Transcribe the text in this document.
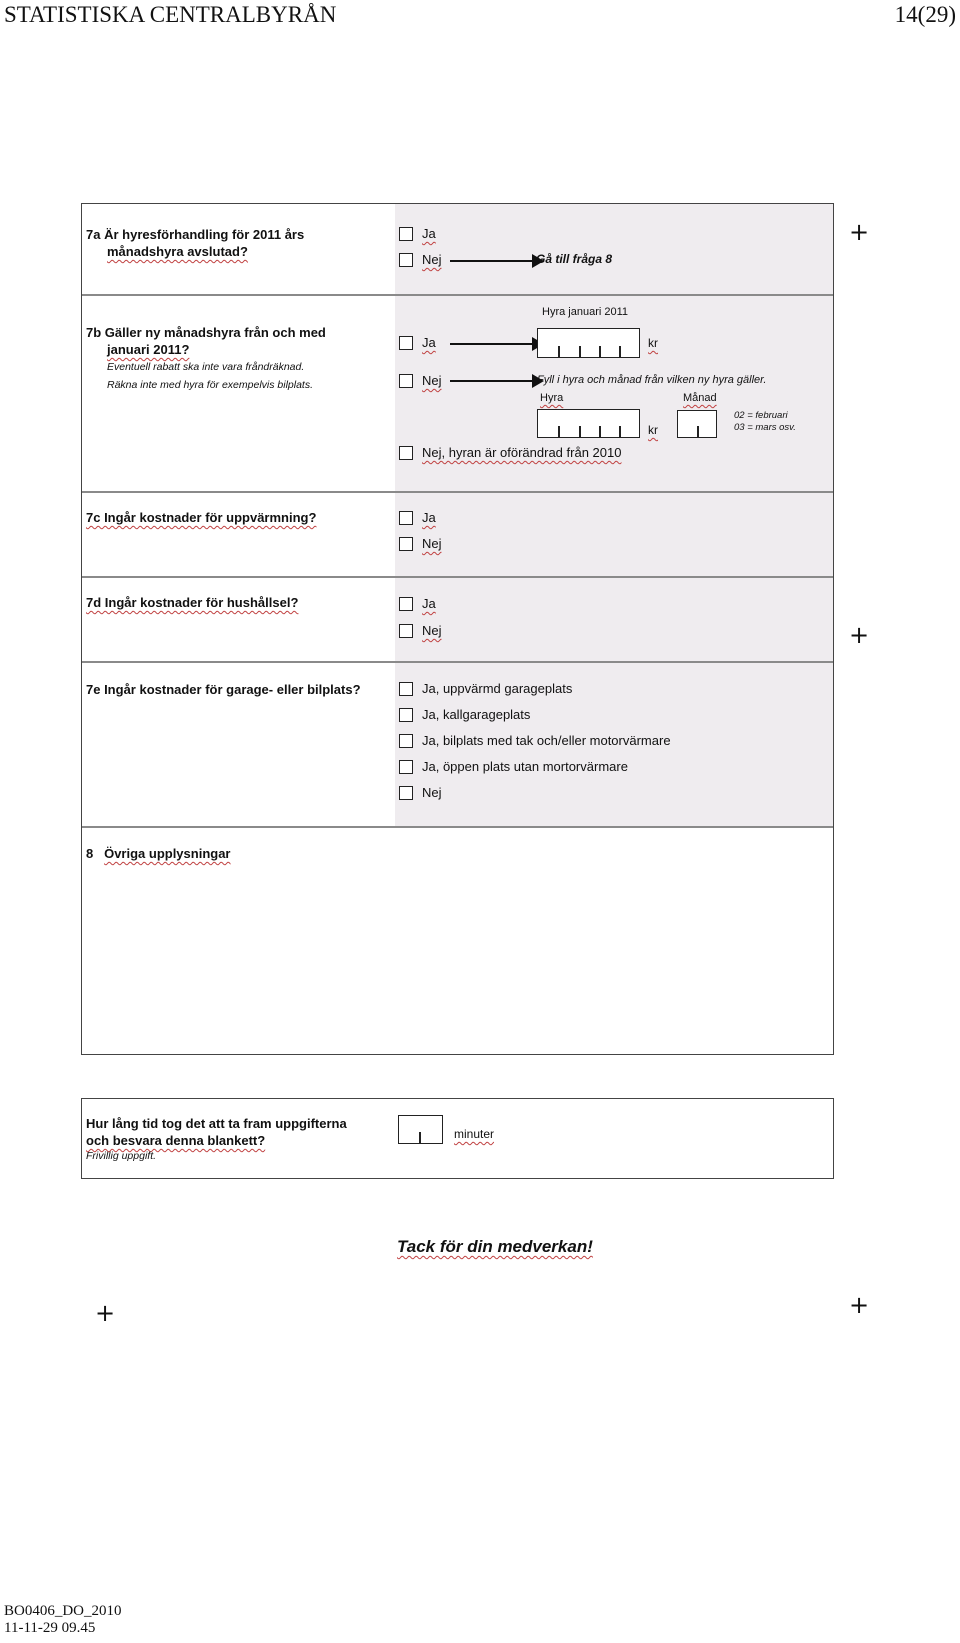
STATISTISKA CENTRALBYRÅN	14(29)
7a Är hyresförhandling för 2011 års
månadshyra avslutad?
Ja
Nej	Gå till fråga 8
7b Gäller ny månadshyra från och med
januari 2011?
Eventuell rabatt ska inte vara fråndräknad.
Räkna inte med hyra för exempelvis bilplats.
Hyra januari 2011
Ja	kr
Nej	Fyll i hyra och månad från vilken ny hyra gäller.
Hyra	Månad
kr
02 = februari
03 = mars osv.
Nej, hyran är oförändrad från 2010
7c Ingår kostnader för uppvärmning?	Ja
Nej
7d Ingår kostnader för hushållsel?	Ja
Nej
7e Ingår kostnader för garage- eller bilplats?	Ja, uppvärmd garageplats
Ja, kallgarageplats
Ja, bilplats med tak och/eller motorvärmare
Ja, öppen plats utan mortorvärmare
Nej
8 Övriga upplysningar
Hur lång tid tog det att ta fram uppgifterna
och besvara denna blankett?
Frivillig uppgift.
minuter
Tack för din medverkan!
+
+
+	+
BO0406_DO_2010
11-11-29 09.45
